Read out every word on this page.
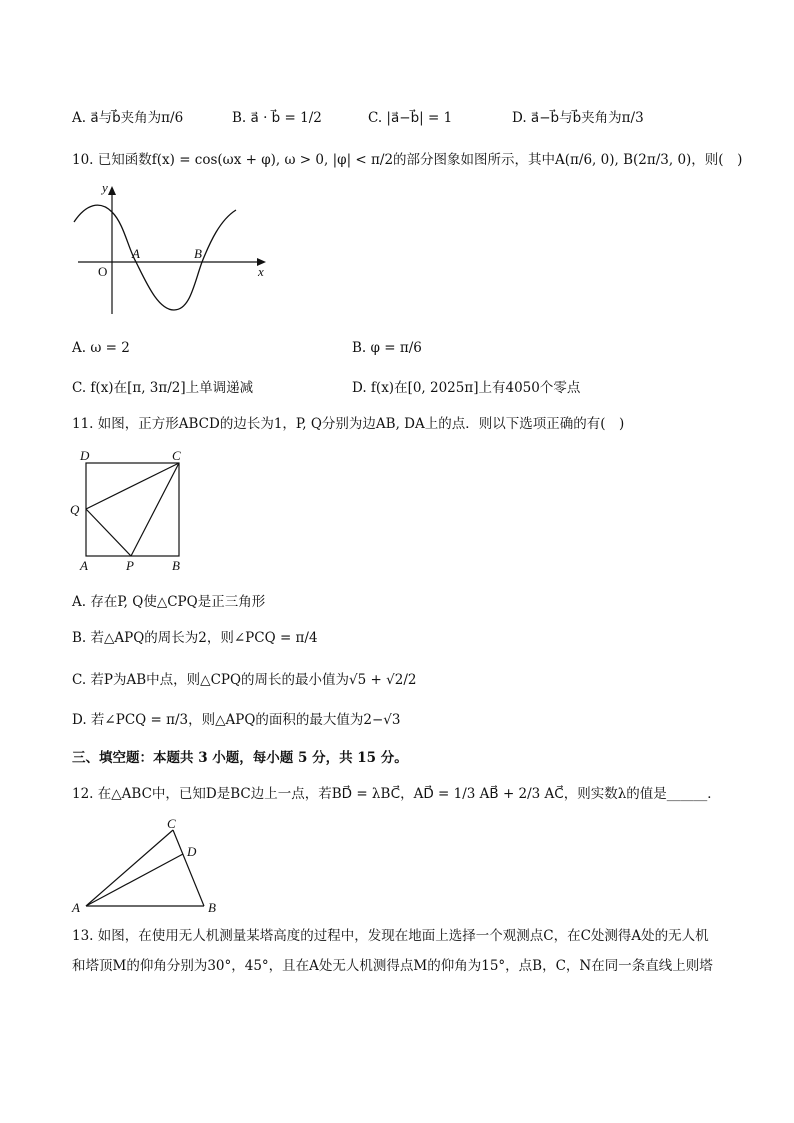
A. a⃗与b⃗夹角为π/6	B. a⃗ · b⃗ = 1/2	C. |a⃗−b⃗| = 1	D. a⃗−b⃗与b⃗夹角为π/3
10. 已知函数f(x) = cos(ωx + φ), ω > 0, |φ| < π/2的部分图象如图所示，其中A(π/6, 0), B(2π/3, 0)，则(　)
y
x
O
A	B
A. ω = 2	B. φ = π/6
C. f(x)在[π, 3π/2]上单调递减	D. f(x)在[0, 2025π]上有4050个零点
11. 如图，正方形ABCD的边长为1，P, Q分别为边AB, DA上的点．则以下选项正确的有(　)
D	C
Q
A	P	B
A. 存在P, Q使△CPQ是正三角形
B. 若△APQ的周长为2，则∠PCQ = π/4
C. 若P为AB中点，则△CPQ的周长的最小值为√5 + √2/2
D. 若∠PCQ = π/3，则△APQ的面积的最大值为2−√3
三、填空题：本题共 3 小题，每小题 5 分，共 15 分。
12. 在△ABC中，已知D是BC边上一点，若BD⃗ = λBC⃗，AD⃗ = 1/3 AB⃗ + 2/3 AC⃗，则实数λ的值是______．
C
D
A	B
13. 如图，在使用无人机测量某塔高度的过程中，发现在地面上选择一个观测点C，在C处测得A处的无人机
和塔顶M的仰角分别为30°，45°，且在A处无人机测得点M的仰角为15°，点B，C，N在同一条直线上则塔
